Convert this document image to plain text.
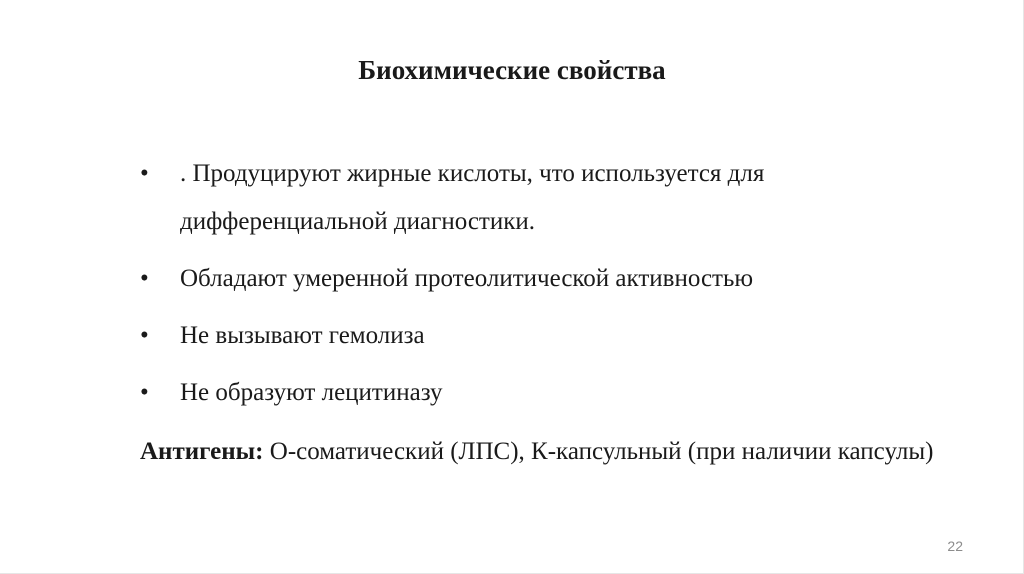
Биохимические свойства
•	. Продуцируют жирные кислоты, что используется для дифференциальной диагностики.
•	Обладают умеренной протеолитической активностью
•	Не вызывают гемолиза
•	Не образуют лецитиназу
Антигены: О-соматический (ЛПС), К-капсульный (при наличии капсулы)
22
